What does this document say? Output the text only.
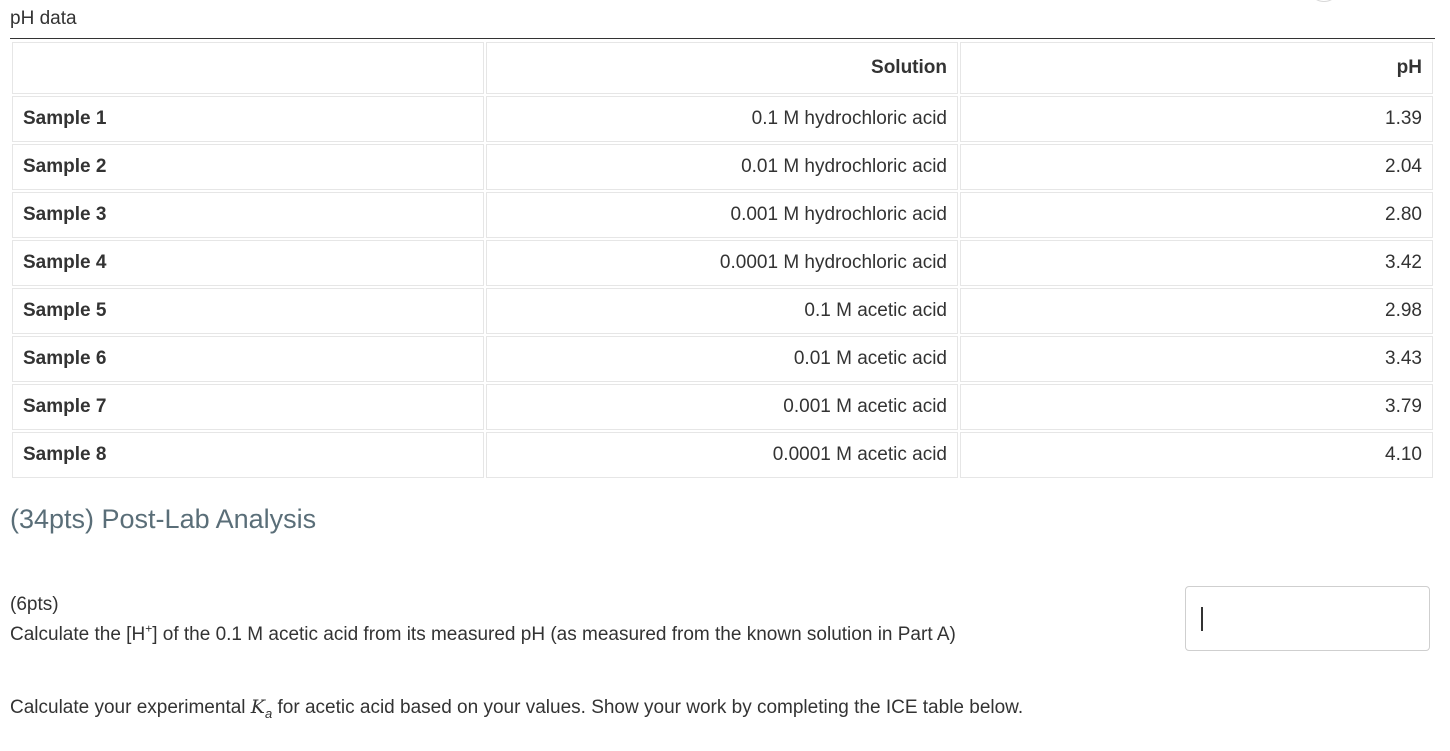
pH data
	Solution	pH
Sample 1	0.1 M hydrochloric acid	1.39
Sample 2	0.01 M hydrochloric acid	2.04
Sample 3	0.001 M hydrochloric acid	2.80
Sample 4	0.0001 M hydrochloric acid	3.42
Sample 5	0.1 M acetic acid	2.98
Sample 6	0.01 M acetic acid	3.43
Sample 7	0.001 M acetic acid	3.79
Sample 8	0.0001 M acetic acid	4.10
(34pts) Post-Lab Analysis
(6pts)
Calculate the [H+] of the 0.1 M acetic acid from its measured pH (as measured from the known solution in Part A)
Calculate your experimental $K_a$ for acetic acid based on your values. Show your work by completing the ICE table below.
